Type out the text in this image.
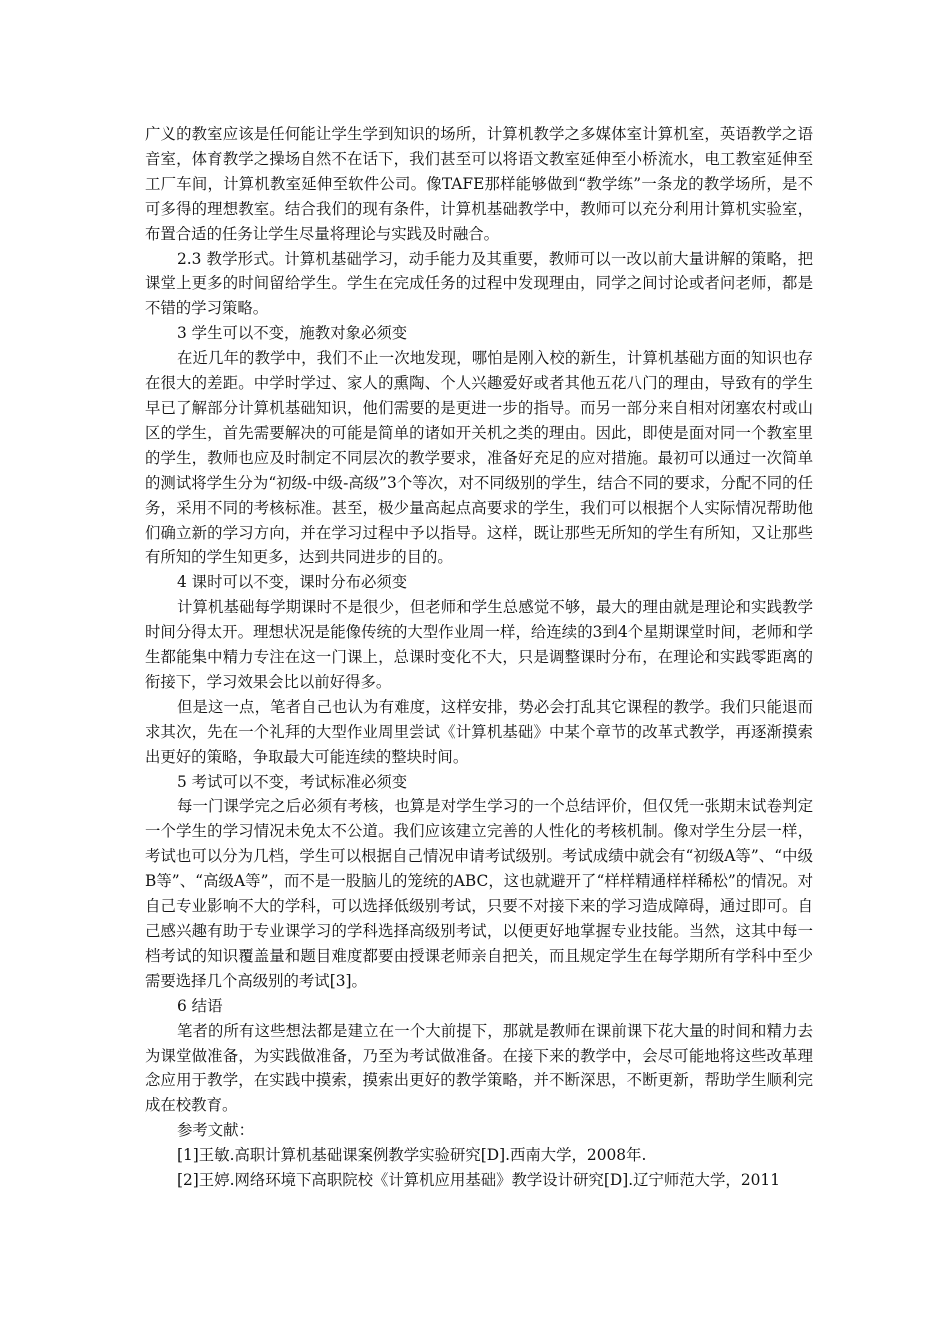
广义的教室应该是任何能让学生学到知识的场所，计算机教学之多媒体室计算机室，英语教学之语音室，体育教学之操场自然不在话下，我们甚至可以将语文教室延伸至小桥流水，电工教室延伸至工厂车间，计算机教室延伸至软件公司。像TAFE那样能够做到“教学练”一条龙的教学场所，是不可多得的理想教室。结合我们的现有条件，计算机基础教学中，教师可以充分利用计算机实验室，布置合适的任务让学生尽量将理论与实践及时融合。

2.3 教学形式。计算机基础学习，动手能力及其重要，教师可以一改以前大量讲解的策略，把课堂上更多的时间留给学生。学生在完成任务的过程中发现理由，同学之间讨论或者问老师，都是不错的学习策略。

3 学生可以不变，施教对象必须变

在近几年的教学中，我们不止一次地发现，哪怕是刚入校的新生，计算机基础方面的知识也存在很大的差距。中学时学过、家人的熏陶、个人兴趣爱好或者其他五花八门的理由，导致有的学生早已了解部分计算机基础知识，他们需要的是更进一步的指导。而另一部分来自相对闭塞农村或山区的学生，首先需要解决的可能是简单的诸如开关机之类的理由。因此，即使是面对同一个教室里的学生，教师也应及时制定不同层次的教学要求，准备好充足的应对措施。最初可以通过一次简单的测试将学生分为“初级-中级-高级”3个等次，对不同级别的学生，结合不同的要求，分配不同的任务，采用不同的考核标准。甚至，极少量高起点高要求的学生，我们可以根据个人实际情况帮助他们确立新的学习方向，并在学习过程中予以指导。这样，既让那些无所知的学生有所知，又让那些有所知的学生知更多，达到共同进步的目的。

4 课时可以不变，课时分布必须变

计算机基础每学期课时不是很少，但老师和学生总感觉不够，最大的理由就是理论和实践教学时间分得太开。理想状况是能像传统的大型作业周一样，给连续的3到4个星期课堂时间，老师和学生都能集中精力专注在这一门课上，总课时变化不大，只是调整课时分布，在理论和实践零距离的衔接下，学习效果会比以前好得多。

但是这一点，笔者自己也认为有难度，这样安排，势必会打乱其它课程的教学。我们只能退而求其次，先在一个礼拜的大型作业周里尝试《计算机基础》中某个章节的改革式教学，再逐渐摸索出更好的策略，争取最大可能连续的整块时间。

5 考试可以不变，考试标准必须变

每一门课学完之后必须有考核，也算是对学生学习的一个总结评价，但仅凭一张期末试卷判定一个学生的学习情况未免太不公道。我们应该建立完善的人性化的考核机制。像对学生分层一样，考试也可以分为几档，学生可以根据自己情况申请考试级别。考试成绩中就会有“初级A等”、“中级B等”、“高级A等”，而不是一股脑儿的笼统的ABC，这也就避开了“样样精通样样稀松”的情况。对自己专业影响不大的学科，可以选择低级别考试，只要不对接下来的学习造成障碍，通过即可。自己感兴趣有助于专业课学习的学科选择高级别考试，以便更好地掌握专业技能。当然，这其中每一档考试的知识覆盖量和题目难度都要由授课老师亲自把关，而且规定学生在每学期所有学科中至少需要选择几个高级别的考试[3]。

6 结语

笔者的所有这些想法都是建立在一个大前提下，那就是教师在课前课下花大量的时间和精力去为课堂做准备，为实践做准备，乃至为考试做准备。在接下来的教学中，会尽可能地将这些改革理念应用于教学，在实践中摸索，摸索出更好的教学策略，并不断深思，不断更新，帮助学生顺利完成在校教育。

参考文献：

[1]王敏.高职计算机基础课案例教学实验研究[D].西南大学，2008年.

[2]王婷.网络环境下高职院校《计算机应用基础》教学设计研究[D].辽宁师范大学，2011
